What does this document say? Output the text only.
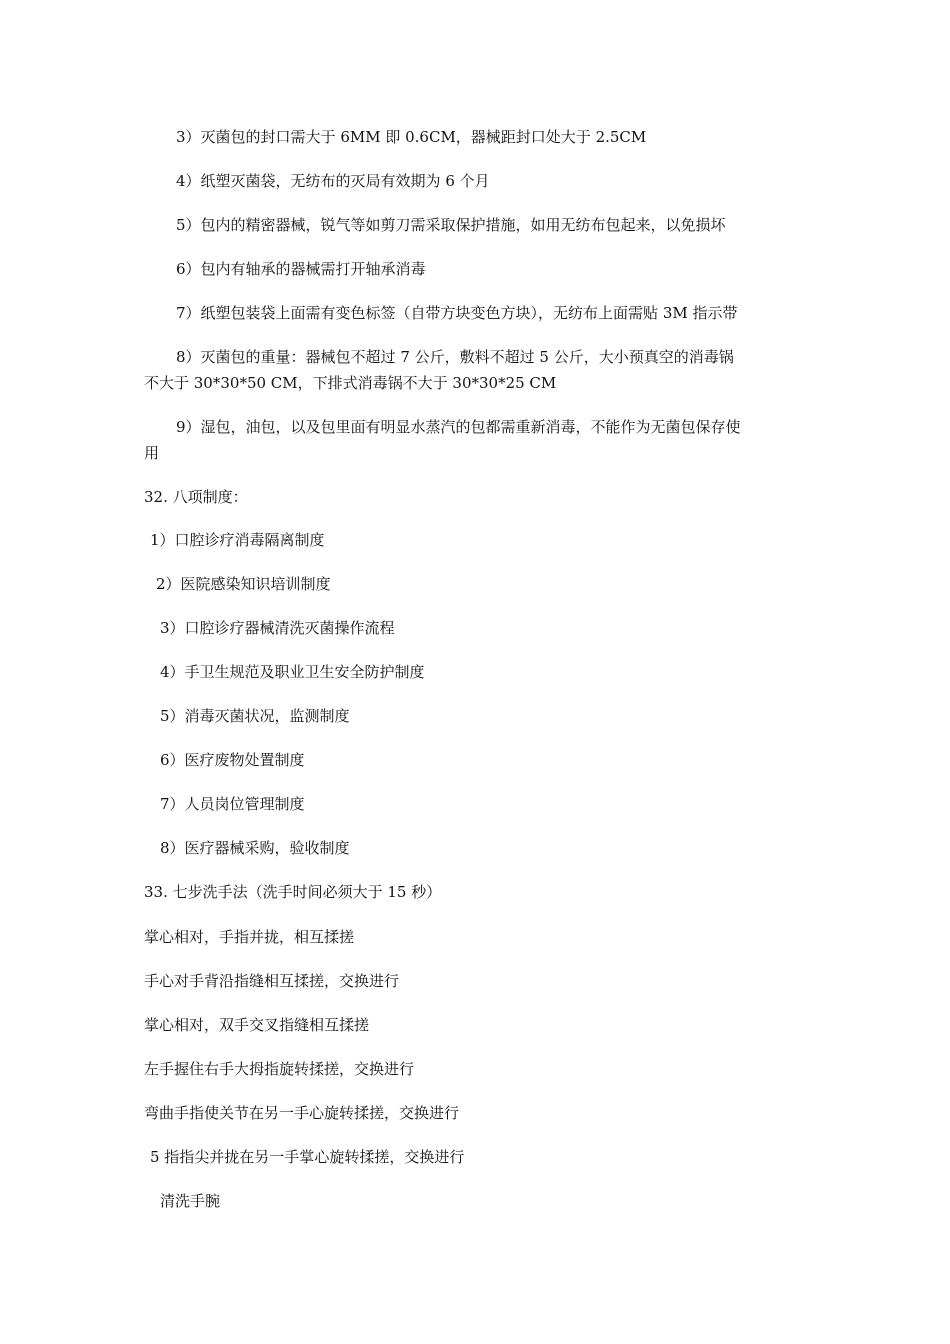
3）灭菌包的封口需大于 6MM 即 0.6CM，器械距封口处大于 2.5CM

4）纸塑灭菌袋，无纺布的灭局有效期为 6 个月

5）包内的精密器械，锐气等如剪刀需采取保护措施，如用无纺布包起来，以免损坏

6）包内有轴承的器械需打开轴承消毒

7）纸塑包装袋上面需有变色标签（自带方块变色方块），无纺布上面需贴 3M 指示带

8）灭菌包的重量：器械包不超过 7 公斤，敷料不超过 5 公斤，大小预真空的消毒锅

不大于 30*30*50 CM，下排式消毒锅不大于 30*30*25 CM

9）湿包，油包，以及包里面有明显水蒸汽的包都需重新消毒，不能作为无菌包保存使

用

32. 八项制度：

1）口腔诊疗消毒隔离制度

2）医院感染知识培训制度

3）口腔诊疗器械清洗灭菌操作流程

4）手卫生规范及职业卫生安全防护制度

5）消毒灭菌状况，监测制度

6）医疗废物处置制度

7）人员岗位管理制度

8）医疗器械采购，验收制度

33. 七步洗手法（洗手时间必须大于 15 秒）

掌心相对，手指并拢，相互揉搓

手心对手背沿指缝相互揉搓，交换进行

掌心相对，双手交叉指缝相互揉搓

左手握住右手大拇指旋转揉搓，交换进行

弯曲手指使关节在另一手心旋转揉搓，交换进行

5 指指尖并拢在另一手掌心旋转揉搓，交换进行

清洗手腕
